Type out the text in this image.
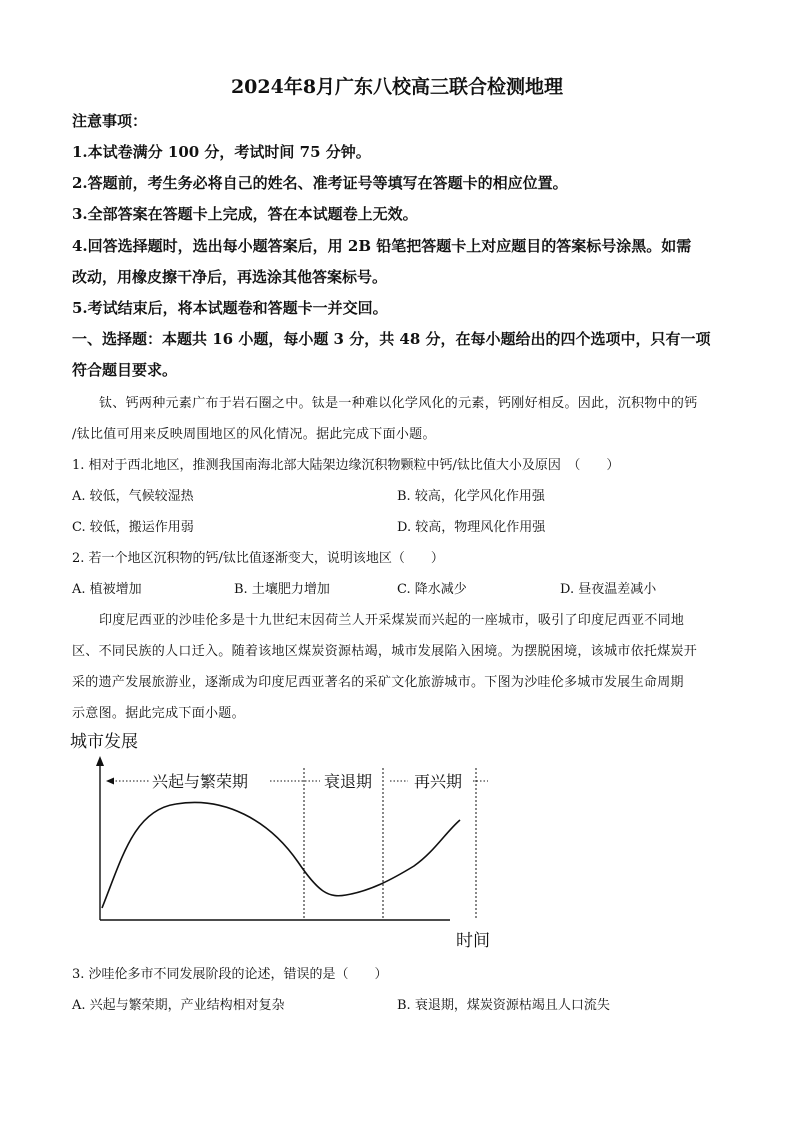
2024年8月广东八校高三联合检测地理
注意事项：
1.本试卷满分 100 分，考试时间 75 分钟。
2.答题前，考生务必将自己的姓名、准考证号等填写在答题卡的相应位置。
3.全部答案在答题卡上完成，答在本试题卷上无效。
4.回答选择题时，选出每小题答案后，用 2B 铅笔把答题卡上对应题目的答案标号涂黑。如需
改动，用橡皮擦干净后，再选涂其他答案标号。
5.考试结束后，将本试题卷和答题卡一并交回。
一、选择题：本题共 16 小题，每小题 3 分，共 48 分，在每小题给出的四个选项中，只有一项
符合题目要求。
钛、钙两种元素广布于岩石圈之中。钛是一种难以化学风化的元素，钙刚好相反。因此，沉积物中的钙
/钛比值可用来反映周围地区的风化情况。据此完成下面小题。
1. 相对于西北地区，推测我国南海北部大陆架边缘沉积物颗粒中钙/钛比值大小及原因　（　　）
A. 较低，气候较湿热	B. 较高，化学风化作用强
C. 较低，搬运作用弱	D. 较高，物理风化作用强
2. 若一个地区沉积物的钙/钛比值逐渐变大，说明该地区（　　）
A. 植被增加	B. 土壤肥力增加	C. 降水减少	D. 昼夜温差减小
印度尼西亚的沙哇伦多是十九世纪末因荷兰人开采煤炭而兴起的一座城市，吸引了印度尼西亚不同地
区、不同民族的人口迁入。随着该地区煤炭资源枯竭，城市发展陷入困境。为摆脱困境，该城市依托煤炭开
采的遗产发展旅游业，逐渐成为印度尼西亚著名的采矿文化旅游城市。下图为沙哇伦多城市发展生命周期
示意图。据此完成下面小题。
城市发展
时间
兴起与繁荣期	衰退期	再兴期
3. 沙哇伦多市不同发展阶段的论述，错误的是（　　）
A. 兴起与繁荣期，产业结构相对复杂	B. 衰退期，煤炭资源枯竭且人口流失
